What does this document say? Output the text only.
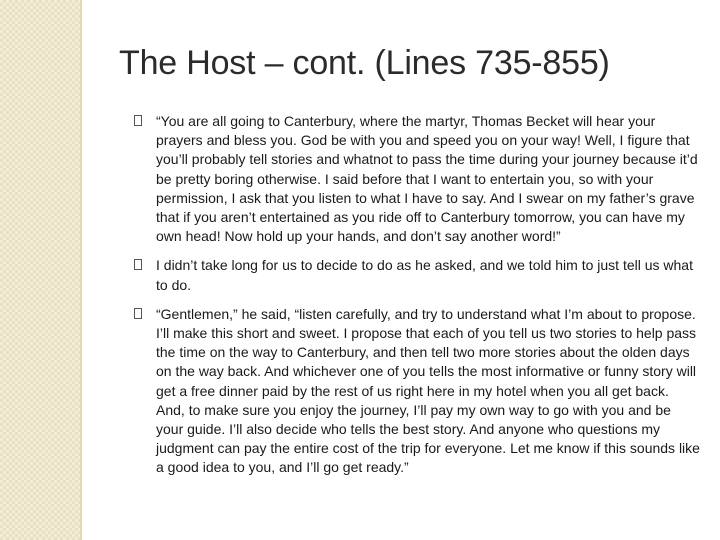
The Host – cont. (Lines 735-855)
“You are all going to Canterbury, where the martyr, Thomas Becket will hear your prayers and bless you. God be with you and speed you on your way! Well, I figure that you’ll probably tell stories and whatnot to pass the time during your journey because it’d be pretty boring otherwise. I said before that I want to entertain you, so with your permission, I ask that you listen to what I have to say. And I swear on my father’s grave that if you aren’t entertained as you ride off to Canterbury tomorrow, you can have my own head! Now hold up your hands, and don’t say another word!”
I didn’t take long for us to decide to do as he asked, and we told him to just tell us what to do.
“Gentlemen,” he said, “listen carefully, and try to understand what I’m about to propose. I’ll make this short and sweet. I propose that each of you tell us two stories to help pass the time on the way to Canterbury, and then tell two more stories about the olden days on the way back. And whichever one of you tells the most informative or funny story will get a free dinner paid by the rest of us right here in my hotel when you all get back. And, to make sure you enjoy the journey, I’ll pay my own way to go with you and be your guide. I’ll also decide who tells the best story. And anyone who questions my judgment can pay the entire cost of the trip for everyone. Let me know if this sounds like a good idea to you, and I’ll go get ready.”
